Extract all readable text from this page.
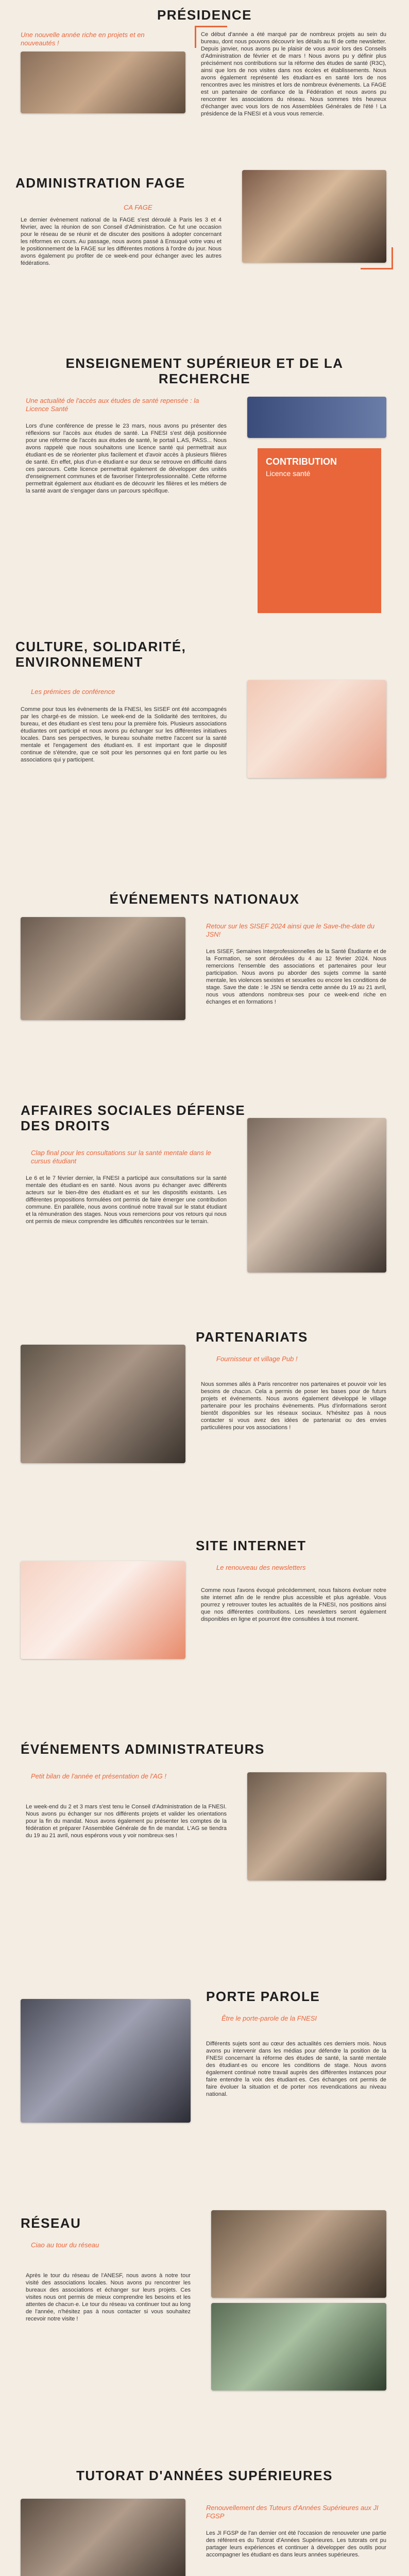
PRÉSIDENCE
Une nouvelle année riche en projets et en nouveautés !
Ce début d'année a été marqué par de nombreux projets au sein du bureau, dont nous pouvons découvrir les détails au fil de cette newsletter. Depuis janvier, nous avons pu le plaisir de vous avoir lors des Conseils d'Administration de février et de mars ! Nous avons pu y définir plus précisément nos contributions sur la réforme des études de santé (R3C), ainsi que lors de nos visites dans nos écoles et établissements. Nous avons également représenté les étudiant·es en santé lors de nos rencontres avec les ministres et lors de nombreux évènements. La FAGE est un partenaire de confiance de la Fédération et nous avons pu rencontrer les associations du réseau. Nous sommes très heureux d'échanger avec vous lors de nos Assemblées Générales de l'été ! La présidence de la FNESI et à vous vous remercie.
ADMINISTRATION FAGE
CA FAGE
Le dernier évènement national de la FAGE s'est déroulé à Paris les 3 et 4 février, avec la réunion de son Conseil d'Administration. Ce fut une occasion pour le réseau de se réunir et de discuter des positions à adopter concernant les réformes en cours. Au passage, nous avons passé à Ensuqué votre vœu et le positionnement de la FAGE sur les différentes motions à l'ordre du jour. Nous avons également pu profiter de ce week-end pour échanger avec les autres fédérations.
ENSEIGNEMENT SUPÉRIEUR ET DE LA RECHERCHE
Une actualité de l'accès aux études de santé repensée : la Licence Santé
Lors d'une conférence de presse le 23 mars, nous avons pu présenter des réflexions sur l'accès aux études de santé. La FNESI s'est déjà positionnée pour une réforme de l'accès aux études de santé, le portail L.AS, PASS... Nous avons rappelé que nous souhaitons une licence santé qui permettrait aux étudiant·es de se réorienter plus facilement et d'avoir accès à plusieurs filières de santé. En effet, plus d'un·e étudiant·e sur deux se retrouve en difficulté dans ces parcours. Cette licence permettrait également de développer des unités d'enseignement communes et de favoriser l'interprofessionnalité. Cette réforme permettrait également aux étudiant·es de découvrir les filières et les métiers de la santé avant de s'engager dans un parcours spécifique.
CONTRIBUTION
Licence santé
CULTURE, SOLIDARITÉ, ENVIRONNEMENT
Les prémices de conférence
Comme pour tous les évènements de la FNESI, les SISEF ont été accompagnés par les chargé·es de mission. Le week-end de la Solidarité des territoires, du bureau, et des étudiant·es s'est tenu pour la première fois. Plusieurs associations étudiantes ont participé et nous avons pu échanger sur les différentes initiatives locales. Dans ses perspectives, le bureau souhaite mettre l'accent sur la santé mentale et l'engagement des étudiant·es. Il est important que le dispositif continue de s'étendre, que ce soit pour les personnes qui en font partie ou les associations qui y participent.
ÉVÉNEMENTS NATIONAUX
Retour sur les SISEF 2024 ainsi que le Save-the-date du JSN!
Les SISEF, Semaines Interprofessionnelles de la Santé Étudiante et de la Formation, se sont déroulées du 4 au 12 février 2024. Nous remercions l'ensemble des associations et partenaires pour leur participation. Nous avons pu aborder des sujets comme la santé mentale, les violences sexistes et sexuelles ou encore les conditions de stage. Save the date : le JSN se tiendra cette année du 19 au 21 avril, nous vous attendons nombreux·ses pour ce week-end riche en échanges et en formations !
AFFAIRES SOCIALES DÉFENSE DES DROITS
Clap final pour les consultations sur la santé mentale dans le cursus étudiant
Le 6 et le 7 février dernier, la FNESI a participé aux consultations sur la santé mentale des étudiant·es en santé. Nous avons pu échanger avec différents acteurs sur le bien-être des étudiant·es et sur les dispositifs existants. Les différentes propositions formulées ont permis de faire émerger une contribution commune. En parallèle, nous avons continué notre travail sur le statut étudiant et la rémunération des stages. Nous vous remercions pour vos retours qui nous ont permis de mieux comprendre les difficultés rencontrées sur le terrain.
PARTENARIATS
Fournisseur et village Pub !
Nous sommes allés à Paris rencontrer nos partenaires et pouvoir voir les besoins de chacun. Cela a permis de poser les bases pour de futurs projets et événements. Nous avons également développé le village partenaire pour les prochains évènements. Plus d'informations seront bientôt disponibles sur les réseaux sociaux. N'hésitez pas à nous contacter si vous avez des idées de partenariat ou des envies particulières pour vos associations !
SITE INTERNET
Le renouveau des newsletters
Comme nous l'avons évoqué précédemment, nous faisons évoluer notre site internet afin de le rendre plus accessible et plus agréable. Vous pourrez y retrouver toutes les actualités de la FNESI, nos positions ainsi que nos différentes contributions. Les newsletters seront également disponibles en ligne et pourront être consultées à tout moment.
ÉVÉNEMENTS ADMINISTRATEURS
Petit bilan de l'année et présentation de l'AG !
Le week-end du 2 et 3 mars s'est tenu le Conseil d'Administration de la FNESI. Nous avons pu échanger sur nos différents projets et valider les orientations pour la fin du mandat. Nous avons également pu présenter les comptes de la fédération et préparer l'Assemblée Générale de fin de mandat. L'AG se tiendra du 19 au 21 avril, nous espérons vous y voir nombreux·ses !
PORTE PAROLE
Être le porte-parole de la FNESI
Différents sujets sont au cœur des actualités ces derniers mois. Nous avons pu intervenir dans les médias pour défendre la position de la FNESI concernant la réforme des études de santé, la santé mentale des étudiant·es ou encore les conditions de stage. Nous avons également continué notre travail auprès des différentes instances pour faire entendre la voix des étudiant·es. Ces échanges ont permis de faire évoluer la situation et de porter nos revendications au niveau national.
RÉSEAU
Ciao au tour du réseau
Après le tour du réseau de l'ANESF, nous avons à notre tour visité des associations locales. Nous avons pu rencontrer les bureaux des associations et échanger sur leurs projets. Ces visites nous ont permis de mieux comprendre les besoins et les attentes de chacun·e. Le tour du réseau va continuer tout au long de l'année, n'hésitez pas à nous contacter si vous souhaitez recevoir notre visite !
TUTORAT D'ANNÉES SUPÉRIEURES
Renouvellement des Tuteurs d'Années Supérieures aux JI FGSP
Les JI FGSP de l'an dernier ont été l'occasion de renouveler une partie des référent·es du Tutorat d'Années Supérieures. Les tutorats ont pu partager leurs expériences et continuer à développer des outils pour accompagner les étudiant·es dans leurs années supérieures.
